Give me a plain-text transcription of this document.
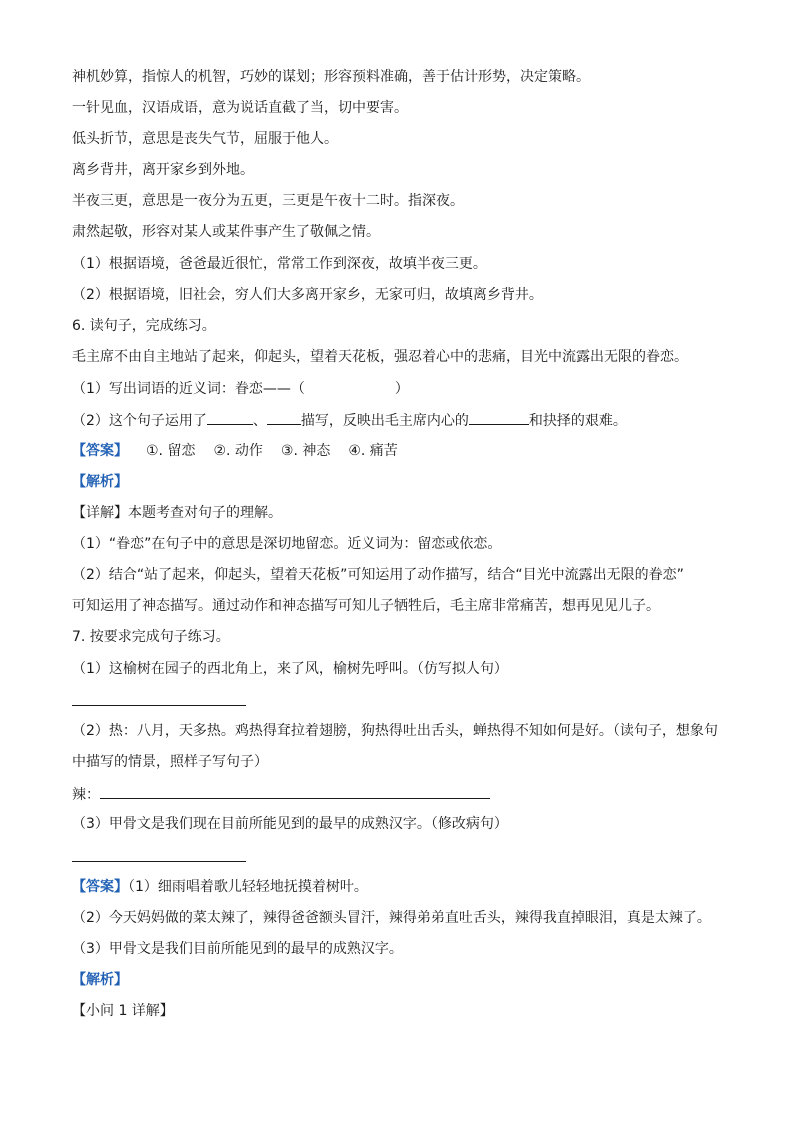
神机妙算，指惊人的机智，巧妙的谋划；形容预料准确，善于估计形势，决定策略。
一针见血，汉语成语，意为说话直截了当，切中要害。
低头折节，意思是丧失气节，屈服于他人。
离乡背井，离开家乡到外地。
半夜三更，意思是一夜分为五更，三更是午夜十二时。指深夜。
肃然起敬，形容对某人或某件事产生了敬佩之情。
（1）根据语境，爸爸最近很忙，常常工作到深夜，故填半夜三更。
（2）根据语境，旧社会，穷人们大多离开家乡，无家可归，故填离乡背井。
6. 读句子，完成练习。
毛主席不由自主地站了起来，仰起头，望着天花板，强忍着心中的悲痛，目光中流露出无限的眷恋。
（1）写出词语的近义词：眷恋——（	）
（2）这个句子运用了	、 描写，反映出毛主席内心的	和抉择的艰难。
【答案】 ①. 留恋 ②. 动作 ③. 神态 ④. 痛苦
【解析】
【详解】本题考查对句子的理解。
（1）“眷恋”在句子中的意思是深切地留恋。近义词为：留恋或依恋。
（2）结合“站了起来，仰起头，望着天花板”可知运用了动作描写，结合“目光中流露出无限的眷恋”
可知运用了神态描写。通过动作和神态描写可知儿子牺牲后，毛主席非常痛苦，想再见见儿子。
7. 按要求完成句子练习。
（1）这榆树在园子的西北角上，来了风，榆树先呼叫。（仿写拟人句）
（2）热：八月，天多热。鸡热得耷拉着翅膀，狗热得吐出舌头，蝉热得不知如何是好。（读句子，想象句
中描写的情景，照样子写句子）
辣：
（3）甲骨文是我们现在目前所能见到的最早的成熟汉字。（修改病句）
【答案】（1）细雨唱着歌儿轻轻地抚摸着树叶。
（2）今天妈妈做的菜太辣了，辣得爸爸额头冒汗，辣得弟弟直吐舌头，辣得我直掉眼泪，真是太辣了。
（3）甲骨文是我们目前所能见到的最早的成熟汉字。
【解析】
【小问 1 详解】
